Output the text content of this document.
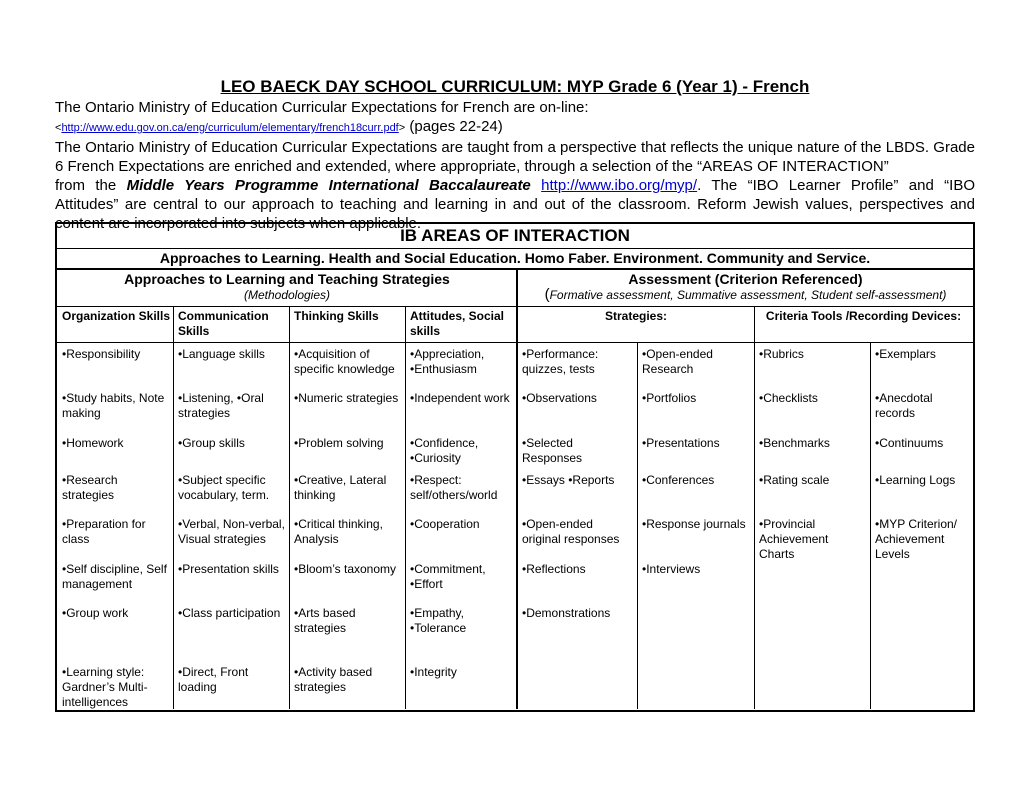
LEO BAECK DAY SCHOOL CURRICULUM: MYP Grade 6 (Year 1) - French
The Ontario Ministry of Education Curricular Expectations for French are on-line:
<http://www.edu.gov.on.ca/eng/curriculum/elementary/french18curr.pdf> (pages 22-24)
The Ontario Ministry of Education Curricular Expectations are taught from a perspective that reflects the unique nature of the LBDS. Grade 6 French Expectations are enriched and extended, where appropriate, through a selection of the “AREAS OF INTERACTION”
from the Middle Years Programme International Baccalaureate http://www.ibo.org/myp/. The “IBO Learner Profile” and “IBO
Attitudes” are central to our approach to teaching and learning in and out of the classroom. Reform Jewish values, perspectives and content are incorporated into subjects when applicable.
IB AREAS OF INTERACTION
Approaches to Learning. Health and Social Education. Homo Faber. Environment. Community and Service.
Approaches to Learning and Teaching Strategies
(Methodologies)
Assessment (Criterion Referenced)
(Formative assessment, Summative assessment, Student self-assessment)
Organization Skills Communication Skills
Thinking Skills	Attitudes, Social skills
Strategies:	Criteria Tools /Recording Devices:
•Responsibility
•Study habits, Note making
•Homework
•Research strategies
•Preparation for class
•Self discipline, Self management
•Group work
•Learning style: Gardner’s Multi-intelligences
•Language skills
•Listening, •Oral strategies
•Group skills
•Subject specific vocabulary, term.
•Verbal, Non-verbal, Visual strategies
•Presentation skills
•Class participation
•Direct, Front loading
•Acquisition of specific knowledge
•Numeric strategies
•Problem solving
•Creative, Lateral thinking
•Critical thinking, Analysis
•Bloom’s taxonomy
•Arts based strategies
•Activity based strategies
•Appreciation, •Enthusiasm
•Independent work
•Confidence, •Curiosity
•Respect: self/others/world
•Cooperation
•Commitment, •Effort
•Empathy, •Tolerance
•Integrity
•Performance: quizzes, tests
•Observations
•Selected Responses
•Essays •Reports
•Open-ended original responses
•Reflections
•Demonstrations
•Open-ended Research
•Portfolios
•Presentations
•Conferences
•Response journals
•Interviews
•Rubrics
•Checklists
•Benchmarks
•Rating scale
•Provincial Achievement Charts
•Exemplars
•Anecdotal records
•Continuums
•Learning Logs
•MYP Criterion/ Achievement Levels
